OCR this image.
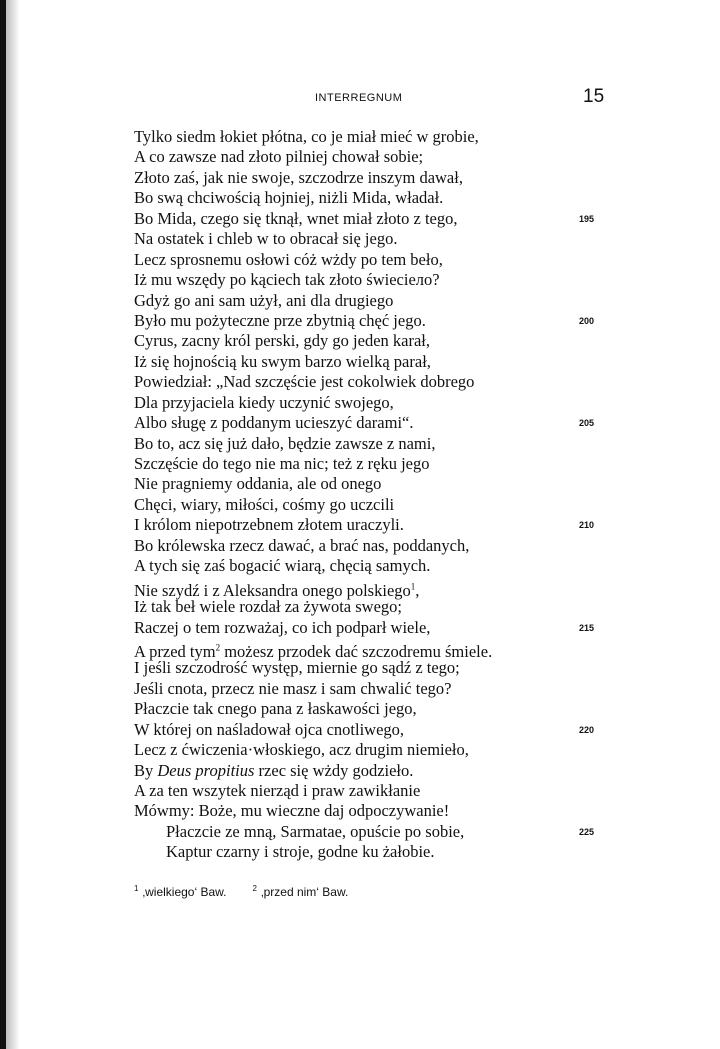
INTERREGNUM	15
Tylko siedm łokiet płótna, co je miał mieć w grobie,
A co zawsze nad złoto pilniej chował sobie;
Złoto zaś, jak nie swoje, szczodrze inszym dawał,
Bo swą chciwością hojniej, niżli Mida, władał.
Bo Mida, czego się tknął, wnet miał złoto z tego,	195
Na ostatek i chleb w to obracał się jego.
Lecz sprosnemu osłowi cóż wżdy po tem beło,
Iż mu wszędy po kąciech tak złoto świeciело?
Gdyż go ani sam użył, ani dla drugiego
Było mu pożyteczne prze zbytnią chęć jego.	200
Cyrus, zacny król perski, gdy go jeden karał,
Iż się hojnością ku swym barzo wielką parał,
Powiedział: „Nad szczęście jest cokolwiek dobrego
Dla przyjaciela kiedy uczynić swojego,
Albo sługę z poddanym ucieszyć darami“.	205
Bo to, acz się już dało, będzie zawsze z nami,
Szczęście do tego nie ma nic; też z ręku jego
Nie pragniemy oddania, ale od onego
Chęci, wiary, miłości, cośmy go uczcili
I królom niepotrzebnem złotem uraczyli.	210
Bo królewska rzecz dawać, a brać nas, poddanych,
A tych się zaś bogacić wiarą, chęcią samych.
Nie szydź i z Aleksandra onego polskiego$^1$,
Iż tak beł wiele rozdał za żywota swego;
Raczej o tem rozważaj, co ich podparł wiele,	215
A przed tym$^2$ możesz przodek dać szczodremu śmiele.
I jeśli szczodrość występ, miernie go sądź z tego;
Jeśli cnota, przecz nie masz i sam chwalić tego?
Płaczcie tak cnego pana z łaskawości jego,
W której on naśladował ojca cnotliwego,	220
Lecz z ćwiczenia·włoskiego, acz drugim niemieło,
By Deus propitius rzec się wżdy godzieło.
A za ten wszytek nierząd i praw zawikłanie
Mówmy: Boże, mu wieczne daj odpoczywanie!
Płaczcie ze mną, Sarmatae, opuście po sobie,	225
Kaptur czarny i stroje, godne ku żałobie.
$^1$ ‚wielkiego‘ Baw.	$^2$ ‚przed nim‘ Baw.
